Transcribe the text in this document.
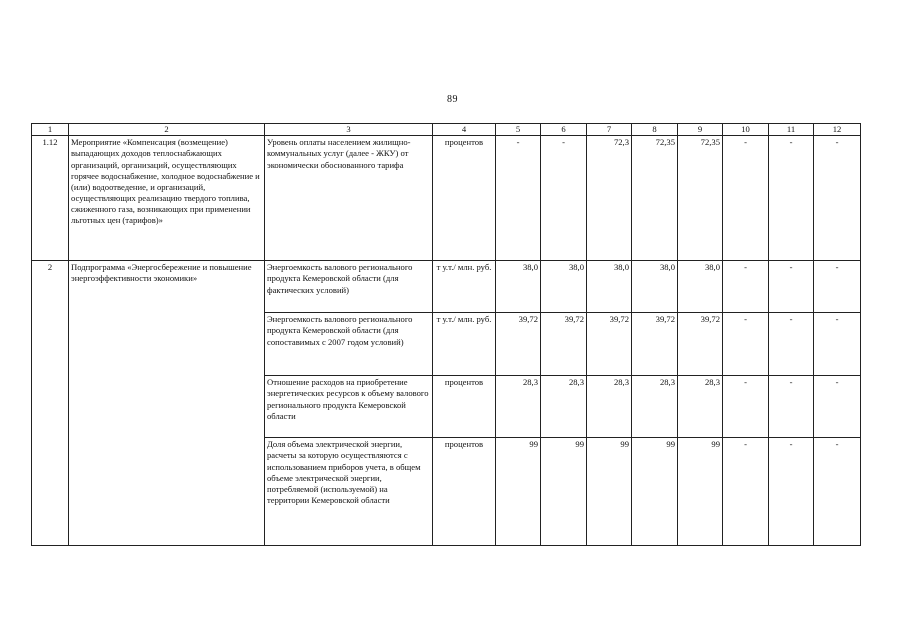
89
1	2	3	4	5	6	7	8	9	10	11	12
1.12	Мероприятие «Компенсация (возмещение) выпадающих доходов теплоснабжающих организаций, организаций, осуществляющих горячее водоснабжение, холодное водоснабжение и (или) водоотведение, и организаций, осуществляющих реализацию твердого топлива, сжиженного газа, возникающих при применении льготных цен (тарифов)»	Уровень оплаты населением жилищно-коммунальных услуг (далее - ЖКУ) от экономически обоснованного тарифа	процентов	-	-	72,3	72,35	72,35	-	-	-
2	Подпрограмма «Энергосбережение и повышение энергоэффективности экономики»	Энергоемкость валового регионального продукта Кемеровской области (для фактических условий)	т у.т./ млн. руб.	38,0	38,0	38,0	38,0	38,0	-	-	-
		Энергоемкость валового регионального продукта Кемеровской области (для сопоставимых с 2007 годом условий)	т у.т./ млн. руб.	39,72	39,72	39,72	39,72	39,72	-	-	-
		Отношение расходов на приобретение энергетических ресурсов к объему валового регионального продукта Кемеровской области	процентов	28,3	28,3	28,3	28,3	28,3	-	-	-
		Доля объема электрической энергии, расчеты за которую осуществляются с использованием приборов учета, в общем объеме электрической энергии, потребляемой (используемой) на территории Кемеровской области	процентов	99	99	99	99	99	-	-	-
